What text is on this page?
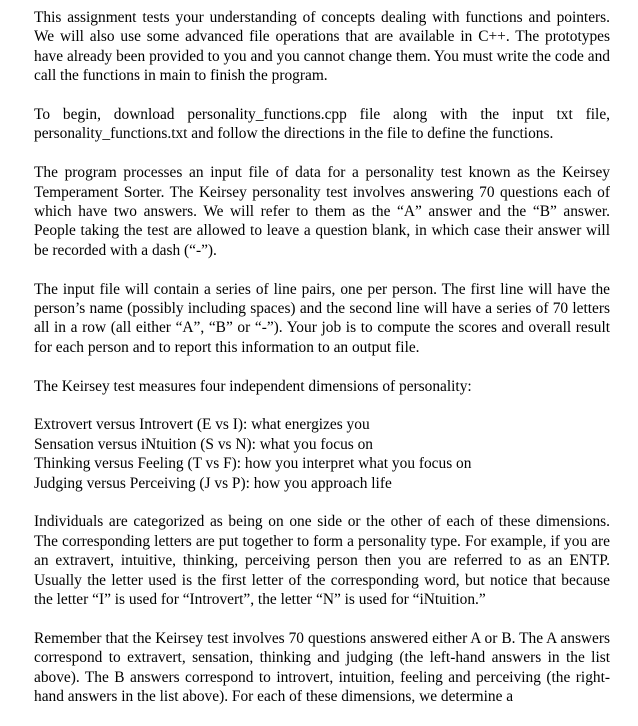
This assignment tests your understanding of concepts dealing with functions and pointers. We will also use some advanced file operations that are available in C++. The prototypes have already been provided to you and you cannot change them. You must write the code and call the functions in main to finish the program.

To begin, download personality_functions.cpp file along with the input txt file, personality_functions.txt and follow the directions in the file to define the functions.

The program processes an input file of data for a personality test known as the Keirsey Temperament Sorter. The Keirsey personality test involves answering 70 questions each of which have two answers. We will refer to them as the “A” answer and the “B” answer. People taking the test are allowed to leave a question blank, in which case their answer will be recorded with a dash (“-”).

The input file will contain a series of line pairs, one per person. The first line will have the person’s name (possibly including spaces) and the second line will have a series of 70 letters all in a row (all either “A”, “B” or “-”). Your job is to compute the scores and overall result for each person and to report this information to an output file.

The Keirsey test measures four independent dimensions of personality:

Extrovert versus Introvert (E vs I): what energizes you
Sensation versus iNtuition (S vs N): what you focus on
Thinking versus Feeling (T vs F): how you interpret what you focus on
Judging versus Perceiving (J vs P): how you approach life

Individuals are categorized as being on one side or the other of each of these dimensions. The corresponding letters are put together to form a personality type. For example, if you are an extravert, intuitive, thinking, perceiving person then you are referred to as an ENTP. Usually the letter used is the first letter of the corresponding word, but notice that because the letter “I” is used for “Introvert”, the letter “N” is used for “iNtuition.”

Remember that the Keirsey test involves 70 questions answered either A or B. The A answers correspond to extravert, sensation, thinking and judging (the left-hand answers in the list above). The B answers correspond to introvert, intuition, feeling and perceiving (the right-hand answers in the list above). For each of these dimensions, we determine a
